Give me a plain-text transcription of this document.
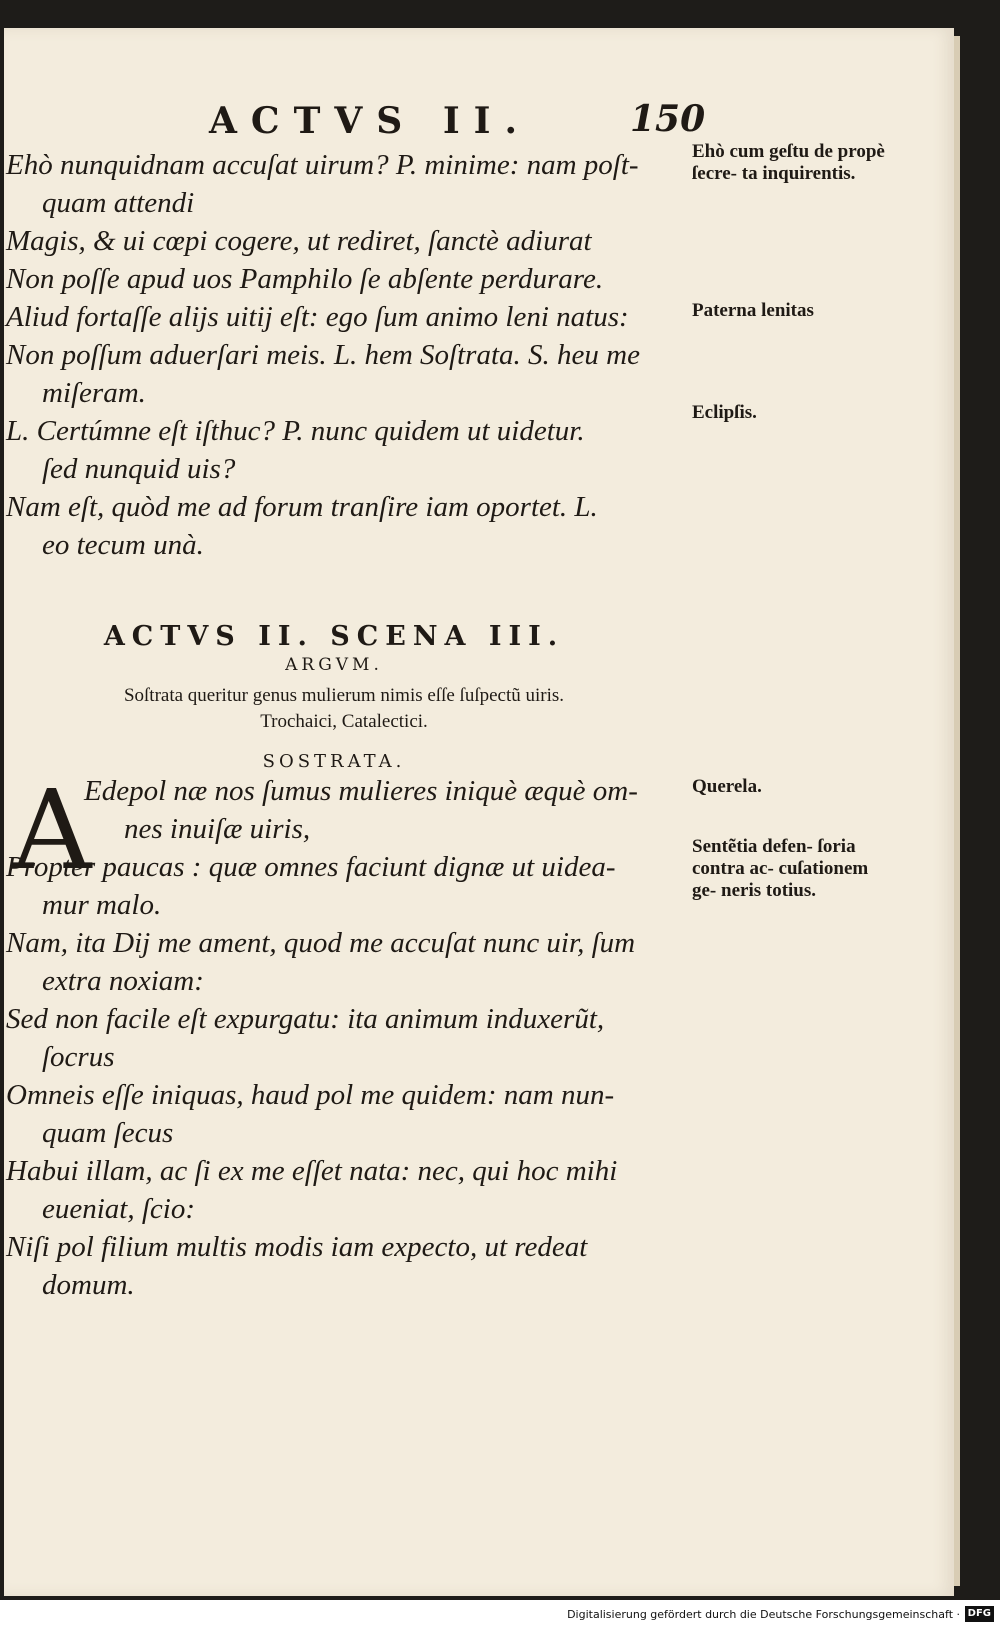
ACTVS II.	150
Ehò nunquidnam accuſat uirum? P. minime: nam poſt-
quam attendi
Magis, & ui cœpi cogere, ut rediret, ſanctè adiurat
Non poſſe apud uos Pamphilo ſe abſente perdurare.
Aliud fortaſſe alijs uitij eſt: ego ſum animo leni natus:
Non poſſum aduerſari meis. L. hem Soſtrata. S. heu me
miſeram.
L. Certúmne eſt iſthuc? P. nunc quidem ut uidetur.
ſed nunquid uis?
Nam eſt, quòd me ad forum tranſire iam oportet. L.
eo tecum unà.
Ehò cum geſtu de propè ſecre- ta inquirentis.
Paterna lenitas
Eclipſis.
ACTVS II. SCENA III.
ARGVM.
Soſtrata queritur genus mulierum nimis eſſe ſuſpectũ uiris.
Trochaici, Catalectici.
SOSTRATA.
A
Edepol næ nos ſumus mulieres iniquè æquè om-
nes inuiſæ uiris,
Propter paucas : quæ omnes faciunt dignæ ut uidea-
mur malo.
Nam, ita Dij me ament, quod me accuſat nunc uir, ſum
extra noxiam:
Sed non facile eſt expurgatu: ita animum induxerũt,
ſocrus
Omneis eſſe iniquas, haud pol me quidem: nam nun-
quam ſecus
Habui illam, ac ſi ex me eſſet nata: nec, qui hoc mihi
eueniat, ſcio:
Niſi pol filium multis modis iam expecto, ut redeat
domum.
Querela.
Sentẽtia defen- ſoria contra ac- cuſationem ge- neris totius.
Digitalisierung gefördert durch die Deutsche Forschungsgemeinschaft · DFG
